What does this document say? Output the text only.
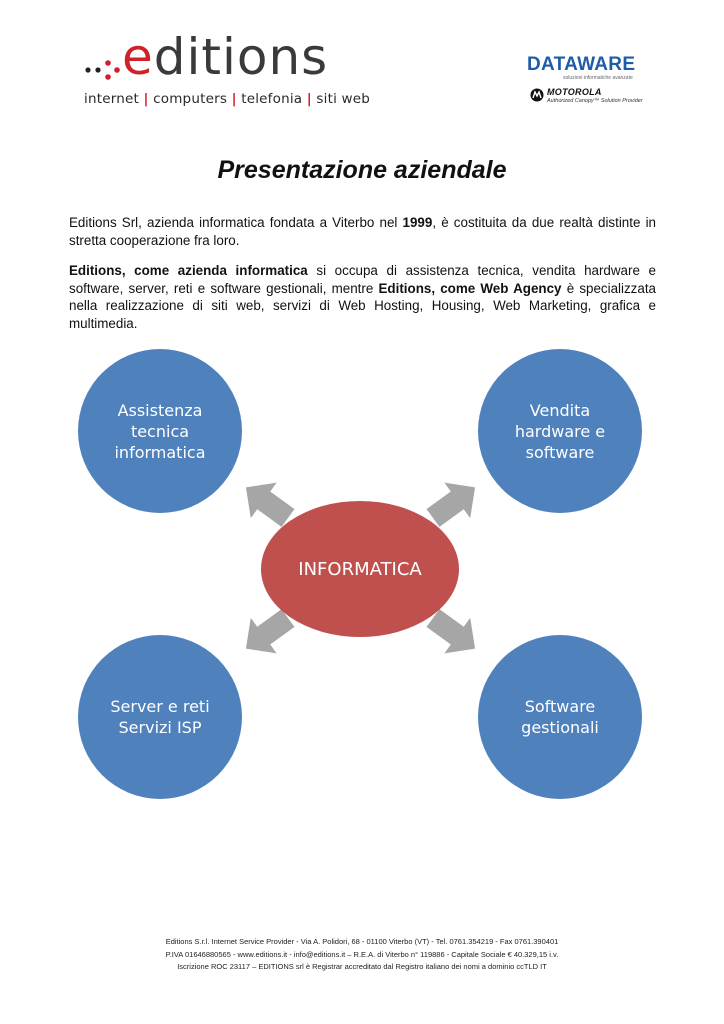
editions
internet | computers | telefonia | siti web
DATAWARE
soluzioni informatiche avanzate
MOTOROLA
Authorized Canopy™ Solution Provider
Presentazione aziendale

Editions Srl, azienda informatica fondata a Viterbo nel 1999, è costituita da due realtà distinte in stretta cooperazione fra loro.

Editions, come azienda informatica si occupa di assistenza tecnica, vendita hardware e software, server, reti e software gestionali, mentre Editions, come Web Agency è specializzata nella realizzazione di siti web, servizi di Web Hosting, Housing, Web Marketing, grafica e multimedia.

Assistenza
tecnica
informatica
Vendita
hardware e
software
Server e reti
Servizi ISP
Software
gestionali
INFORMATICA
Editions S.r.l. Internet Service Provider - Via A. Polidori, 68 - 01100 Viterbo (VT) - Tel. 0761.354219 - Fax 0761.390401
P.IVA 01646880565 - www.editions.it - info@editions.it – R.E.A. di Viterbo n° 119886 - Capitale Sociale € 40.329,15 i.v.
Iscrizione ROC 23117 – EDITIONS srl è Registrar accreditato dal Registro italiano dei nomi a dominio ccTLD IT
